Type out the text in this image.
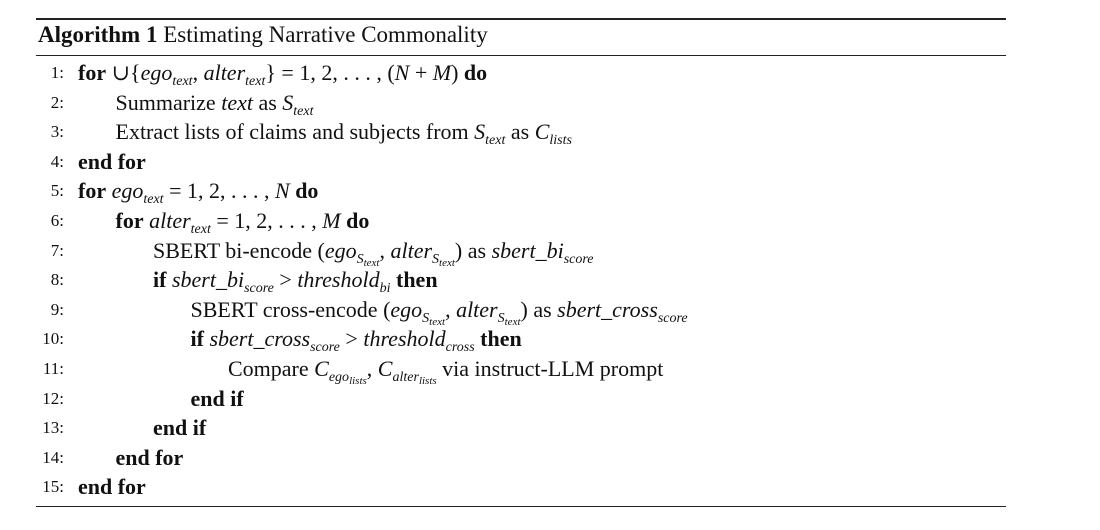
Algorithm 1 Estimating Narrative Commonality
1: for ∪{ego$_{text}$, alter$_{text}$} = 1, 2, . . . , (N + M) do
2: Summarize text as $S_{text}$
3: Extract lists of claims and subjects from $S_{text}$ as $C_{lists}$
4: end for
5: for ego$_{text}$ = 1, 2, . . . , N do
6: for alter$_{text}$ = 1, 2, . . . , M do
7:	SBERT bi-encode (ego$_{S_{text}}$, alter$_{S_{text}}$) as $sbert\_bi_{score}$
8:	if $sbert\_bi_{score}$ > threshold$_{bi}$ then
9:	SBERT cross-encode (ego$_{S_{text}}$, alter$_{S_{text}}$) as sbert_cross$_{score}$
10:	if sbert_cross$_{score}$ > threshold$_{cross}$ then
11:	Compare $C_{ego_{lists}}$, $C_{alter_{lists}}$ via instruct-LLM prompt
12:	end if
13:	end if
14: end for
15: end for
